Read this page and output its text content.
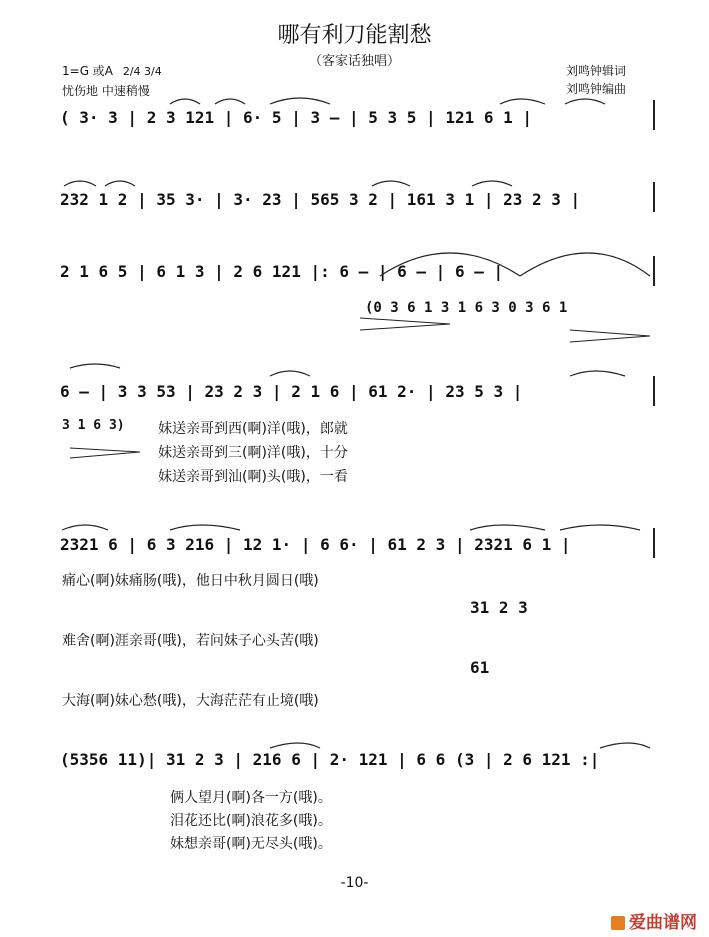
哪有利刀能割愁
（客家话独唱）
1=G 或A 2/4 3/4
忧伤地 中速稍慢
刘鸣钟辑词
刘鸣钟编曲
( 3· 3 | 2 3 121 | 6· 5 | 3 – | 5 3 5 | 121 6 1 |
232 1 2 | 35 3· | 3· 23 | 565 3 2 | 161 3 1 | 23 2 3 |
2 1 6 5 | 6 1 3 | 2 6 121 |: 6 – | 6 – | 6 – |
(0 3 6 1 3 1 6 3 0 3 6 1
6 – | 3 3 53 | 23 2 3 | 2 1 6 | 61 2· | 23 5 3 |
3 1 6 3) 妹送亲哥到西(啊)洋(哦)，郎就
妹送亲哥到三(啊)洋(哦)，十分
妹送亲哥到汕(啊)头(哦)，一看
2321 6 | 6 3 216 | 12 1· | 6 6· | 61 2 3 | 2321 6 1 |
痛心(啊)妹痛肠(哦)，他日中秋月圆日(哦)
31 2 3
难舍(啊)涯亲哥(哦)，若问妹子心头苦(哦)
61
大海(啊)妹心愁(哦)，大海茫茫有止境(哦)
(5356 11)| 31 2 3 | 216 6 | 2· 121 | 6 6 (3 | 2 6 121 :|
俩人望月(啊)各一方(哦)。
泪花还比(啊)浪花多(哦)。
妹想亲哥(啊)无尽头(哦)。
-10-
爱曲谱网
